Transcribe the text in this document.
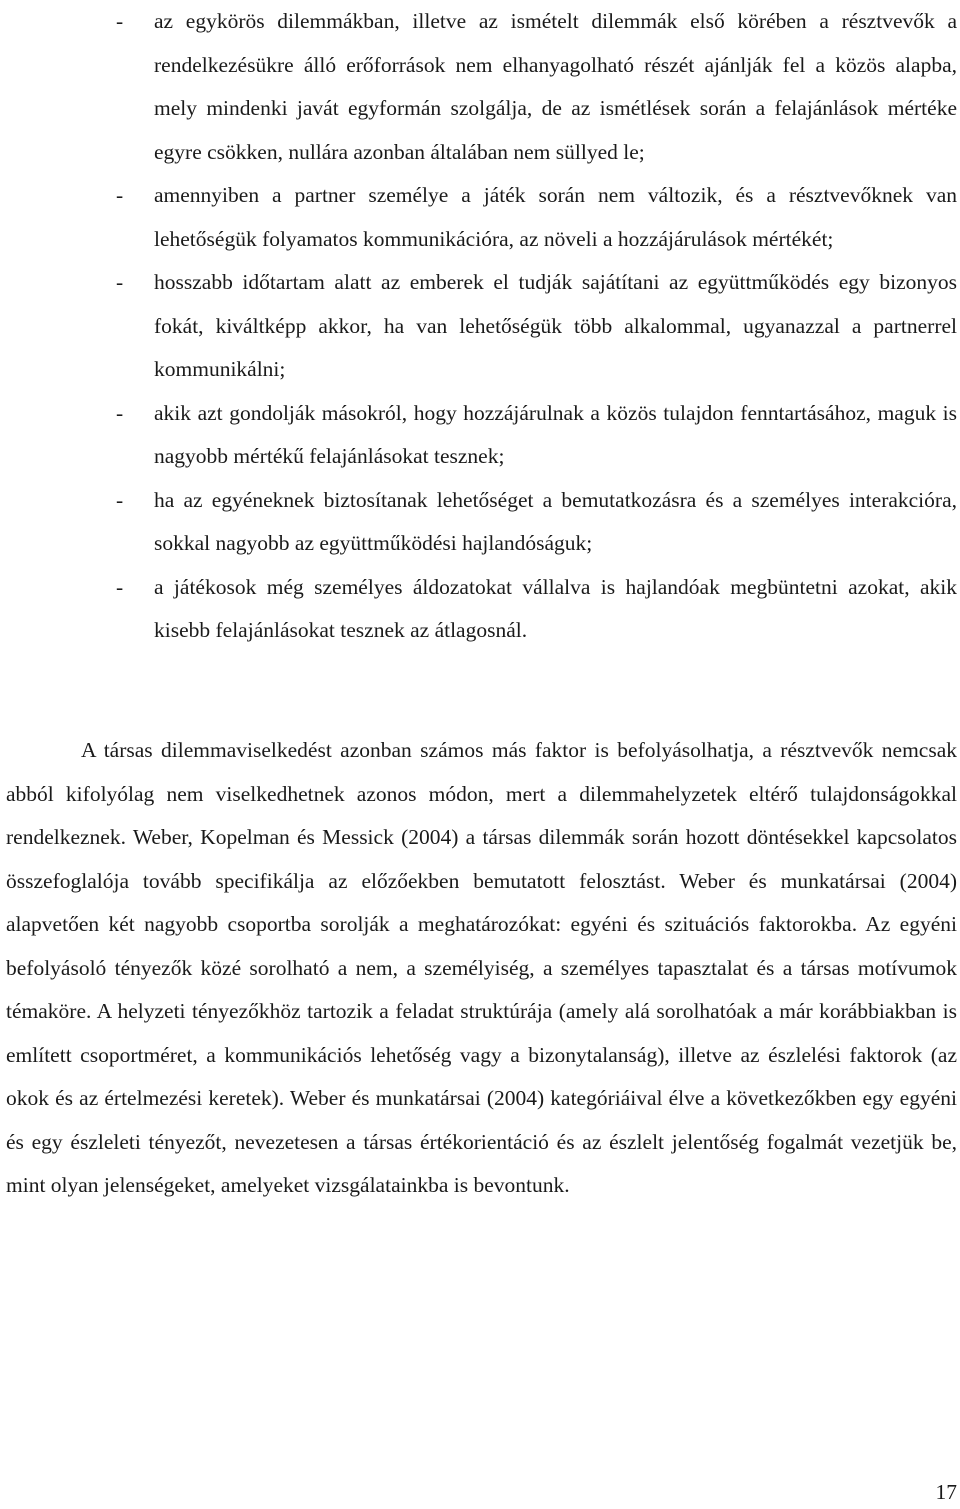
- az egykörös dilemmákban, illetve az ismételt dilemmák első körében a résztvevők a rendelkezésükre álló erőforrások nem elhanyagolható részét ajánlják fel a közös alapba, mely mindenki javát egyformán szolgálja, de az ismétlések során a felajánlások mértéke egyre csökken, nullára azonban általában nem süllyed le;

- amennyiben a partner személye a játék során nem változik, és a résztvevőknek van lehetőségük folyamatos kommunikációra, az növeli a hozzájárulások mértékét;

- hosszabb időtartam alatt az emberek el tudják sajátítani az együttműködés egy bizonyos fokát, kiváltképp akkor, ha van lehetőségük több alkalommal, ugyanazzal a partnerrel kommunikálni;

- akik azt gondolják másokról, hogy hozzájárulnak a közös tulajdon fenntartásához, maguk is nagyobb mértékű felajánlásokat tesznek;

- ha az egyéneknek biztosítanak lehetőséget a bemutatkozásra és a személyes interakcióra, sokkal nagyobb az együttműködési hajlandóságuk;

- a játékosok még személyes áldozatokat vállalva is hajlandóak megbüntetni azokat, akik kisebb felajánlásokat tesznek az átlagosnál.

A társas dilemmaviselkedést azonban számos más faktor is befolyásolhatja, a résztvevők nemcsak abból kifolyólag nem viselkedhetnek azonos módon, mert a dilemmahelyzetek eltérő tulajdonságokkal rendelkeznek. Weber, Kopelman és Messick (2004) a társas dilemmák során hozott döntésekkel kapcsolatos összefoglalója tovább specifikálja az előzőekben bemutatott felosztást. Weber és munkatársai (2004) alapvetően két nagyobb csoportba sorolják a meghatározókat: egyéni és szituációs faktorokba. Az egyéni befolyásoló tényezők közé sorolható a nem, a személyiség, a személyes tapasztalat és a társas motívumok témaköre. A helyzeti tényezőkhöz tartozik a feladat struktúrája (amely alá sorolhatóak a már korábbiakban is említett csoportméret, a kommunikációs lehetőség vagy a bizonytalanság), illetve az észlelési faktorok (az okok és az értelmezési keretek). Weber és munkatársai (2004) kategóriáival élve a következőkben egy egyéni és egy észleleti tényezőt, nevezetesen a társas értékorientáció és az észlelt jelentőség fogalmát vezetjük be, mint olyan jelenségeket, amelyeket vizsgálatainkba is bevontunk.

17
